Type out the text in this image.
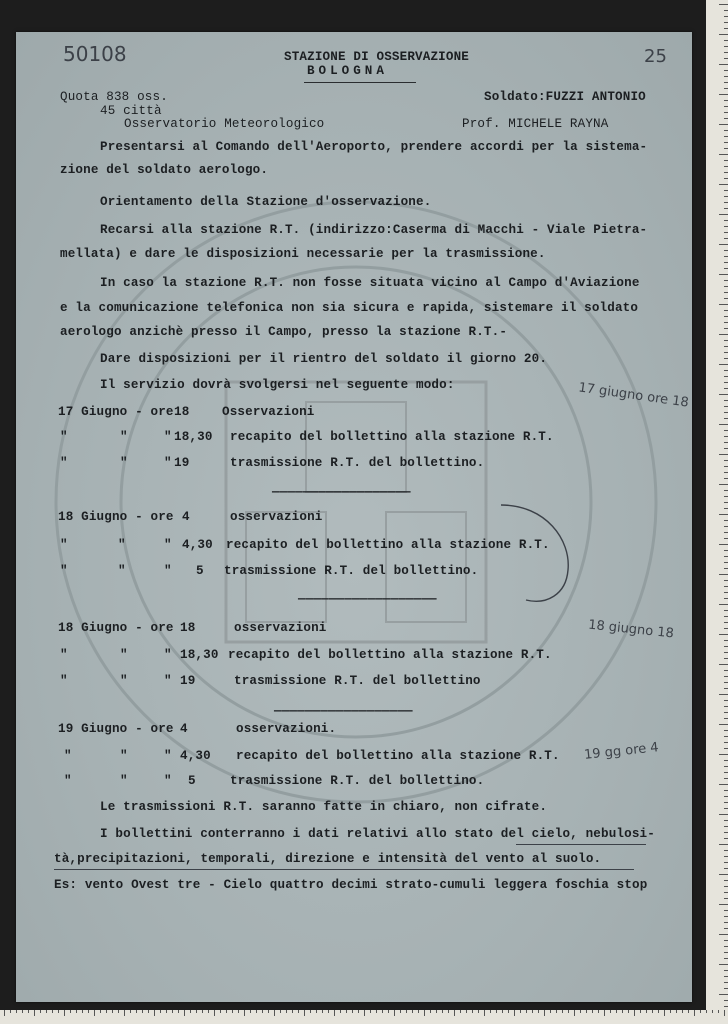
50108	25

STAZIONE DI OSSERVAZIONE

BOLOGNA

Quota 838 oss.

45 città

Soldato:FUZZI ANTONIO

Osservatorio Meteorologico	Prof. MICHELE RAYNA

Presentarsi al Comando dell'Aeroporto, prendere accordi per la sistema-

zione del soldato aerologo.

Orientamento della Stazione d'osservazione.

Recarsi alla stazione R.T. (indirizzo:Caserma di Macchi - Viale Pietra-

mellata) e dare le disposizioni necessarie per la trasmissione.

In caso la stazione R.T. non fosse situata vicino al Campo d'Aviazione

e la comunicazione telefonica non sia sicura e rapida, sistemare il soldato

aerologo anzichè presso il Campo, presso la stazione R.T.-

Dare disposizioni per il rientro del soldato il giorno 20.

Il servizio dovrà svolgersi nel seguente modo:

17 Giugno - ore 18	Osservazioni

17 giugno ore 18

"	"	" 18,30 recapito del bollettino alla stazione R.T.

"	"	" 19	trasmissione R.T. del bollettino.

——————————————————

18 Giugno - ore 4	osservazioni

"	"	" 4,30 recapito del bollettino alla stazione R.T.

"	"	" 5 trasmissione R.T. del bollettino.

——————————————————

18 Giugno - ore 18	osservazioni	18 giugno 18

"	"	" 18,30 recapito del bollettino alla stazione R.T.

"	"	" 19	trasmissione R.T. del bollettino

——————————————————

19 Giugno - ore 4	osservazioni.

"	"	" 4,30 recapito del bollettino alla stazione R.T. 19 gg ore 4

"	"	" 5	trasmissione R.T. del bollettino.

Le trasmissioni R.T. saranno fatte in chiaro, non cifrate.

I bollettini conterranno i dati relativi allo stato del cielo, nebulosi-

tà,precipitazioni, temporali, direzione e intensità del vento al suolo.

Es: vento Ovest tre - Cielo quattro decimi strato-cumuli leggera foschia stop
